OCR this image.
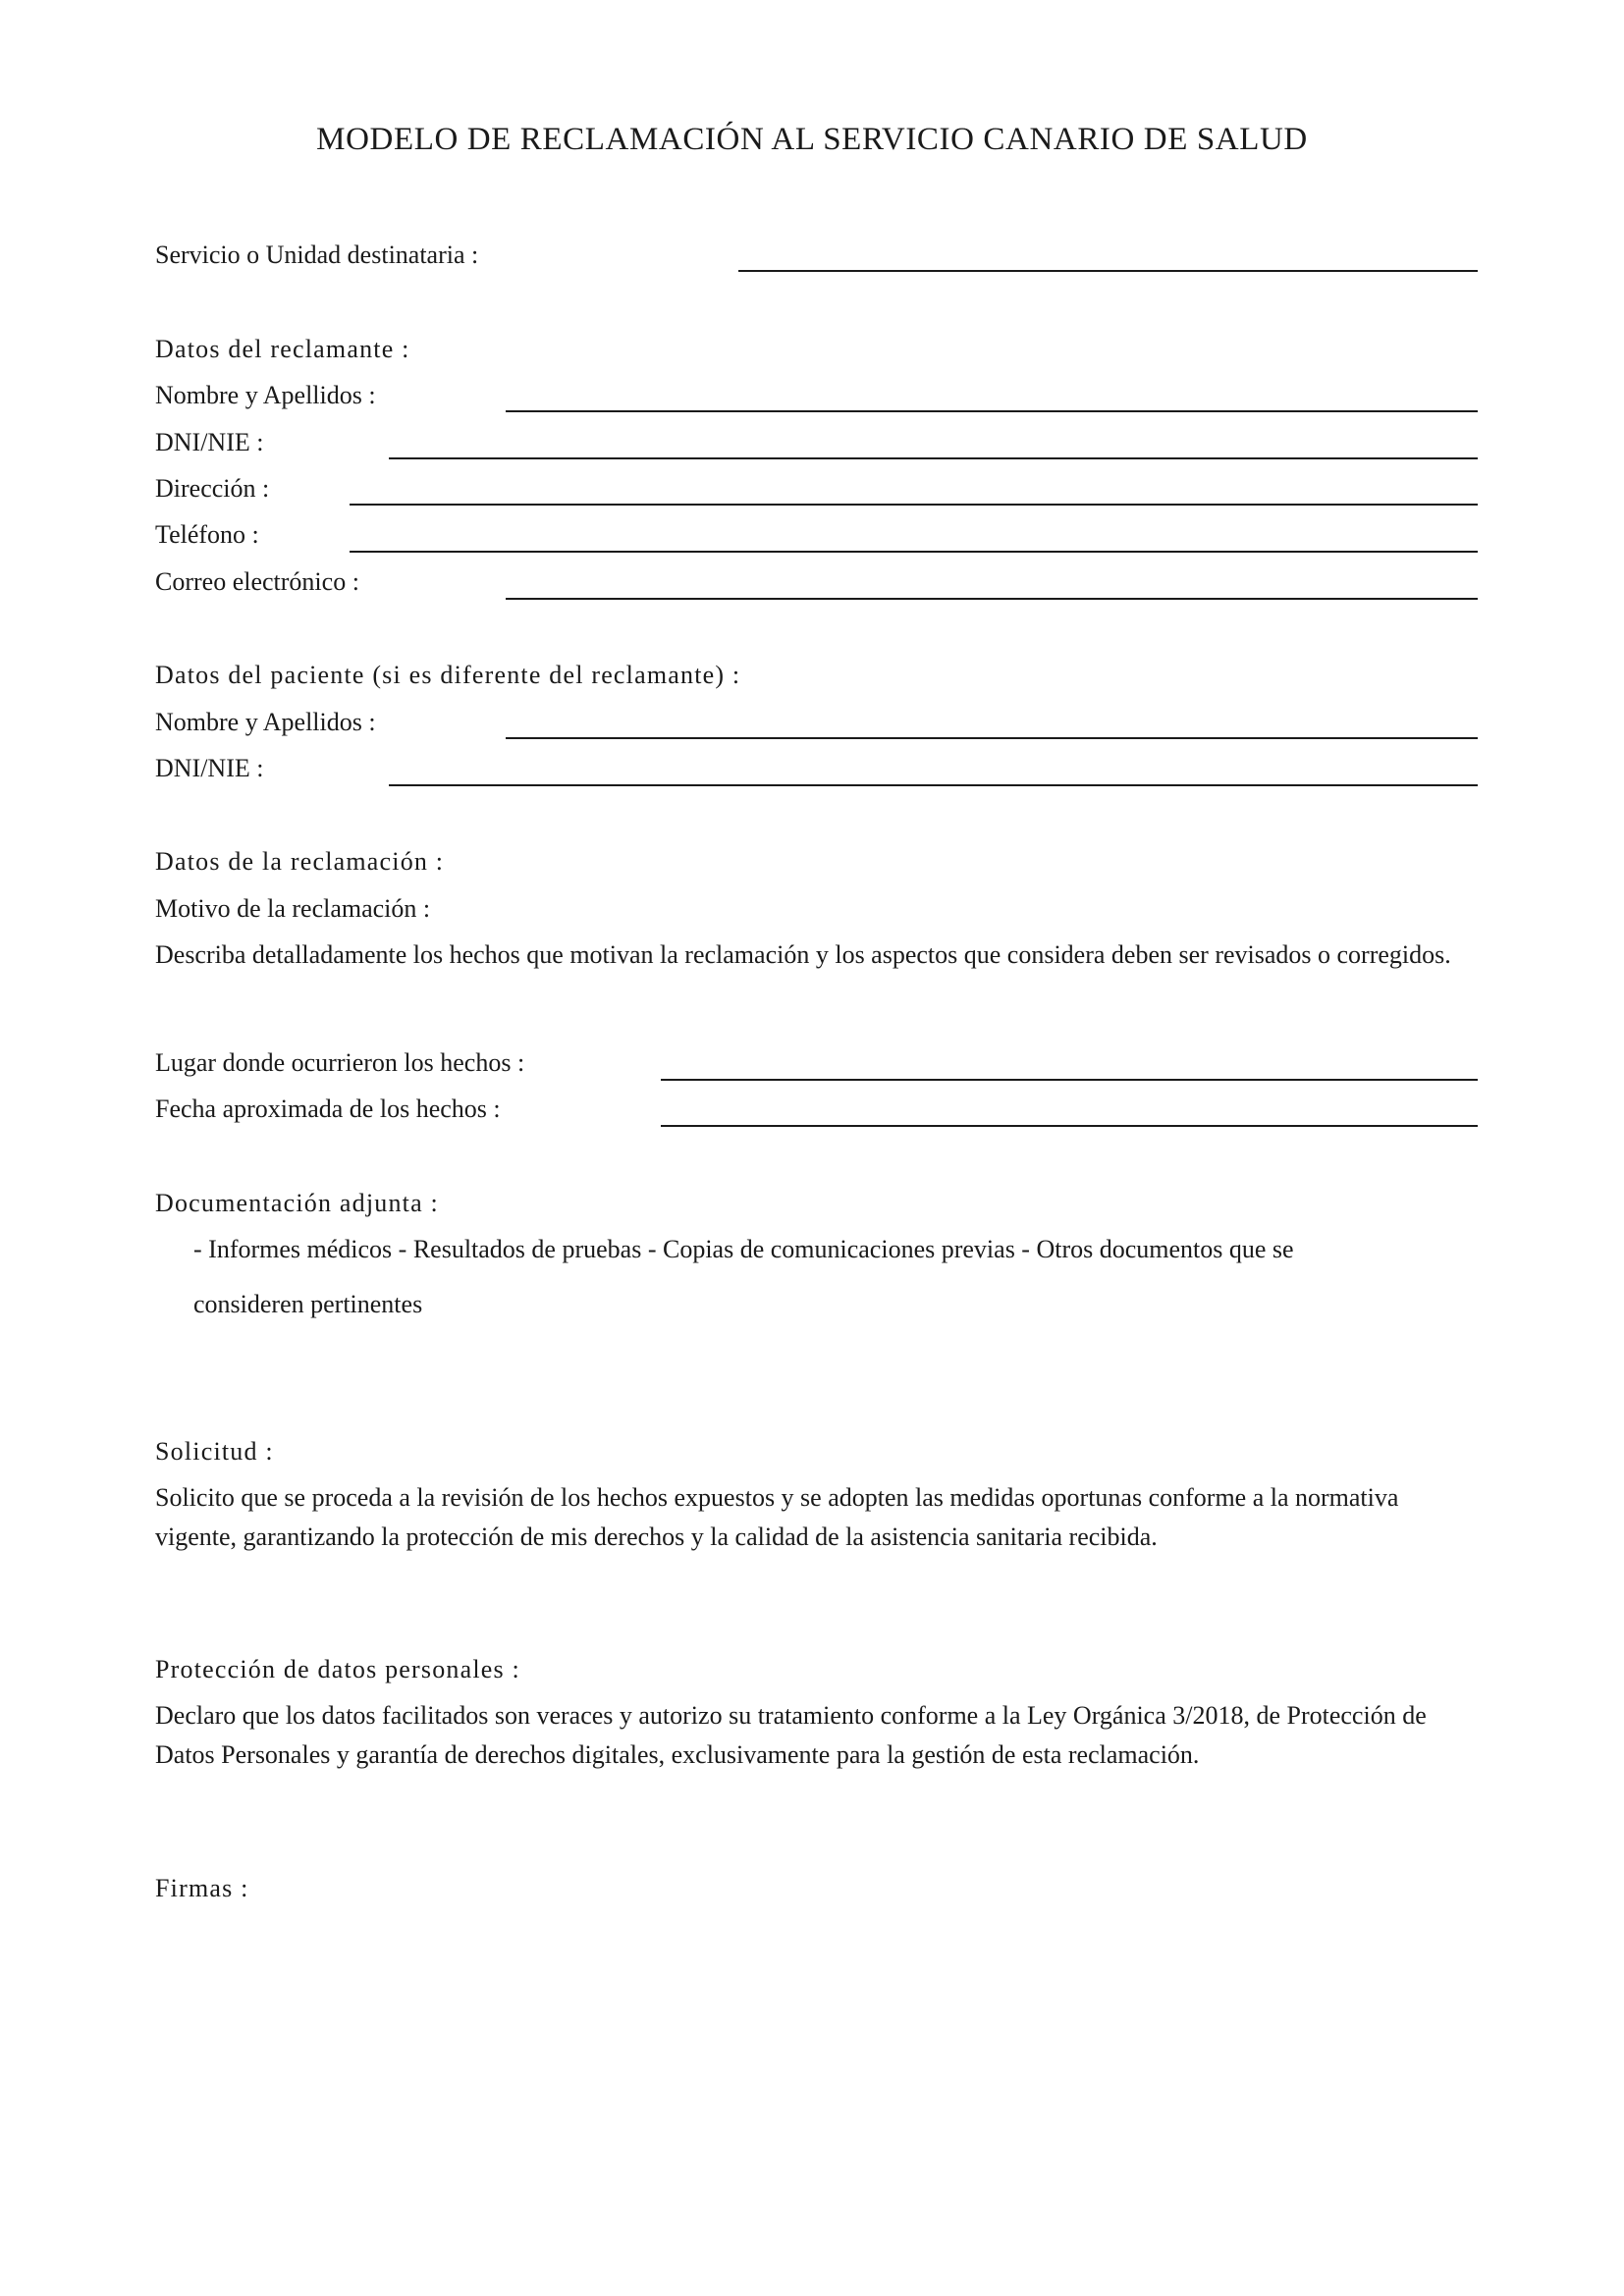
MODELO DE RECLAMACIÓN AL SERVICIO CANARIO DE SALUD
Servicio o Unidad destinataria :
Datos del reclamante :
Nombre y Apellidos :
DNI/NIE :
Dirección :
Teléfono :
Correo electrónico :
Datos del paciente (si es diferente del reclamante) :
Nombre y Apellidos :
DNI/NIE :
Datos de la reclamación :
Motivo de la reclamación :
Describa detalladamente los hechos que motivan la reclamación y los aspectos que considera deben ser revisados o corregidos.
Lugar donde ocurrieron los hechos :
Fecha aproximada de los hechos :
Documentación adjunta :
- Informes médicos - Resultados de pruebas - Copias de comunicaciones previas - Otros documentos que se
consideren pertinentes
Solicitud :
Solicito que se proceda a la revisión de los hechos expuestos y se adopten las medidas oportunas conforme a la normativa vigente, garantizando la protección de mis derechos y la calidad de la asistencia sanitaria recibida.
Protección de datos personales :
Declaro que los datos facilitados son veraces y autorizo su tratamiento conforme a la Ley Orgánica 3/2018, de Protección de Datos Personales y garantía de derechos digitales, exclusivamente para la gestión de esta reclamación.
Firmas :
